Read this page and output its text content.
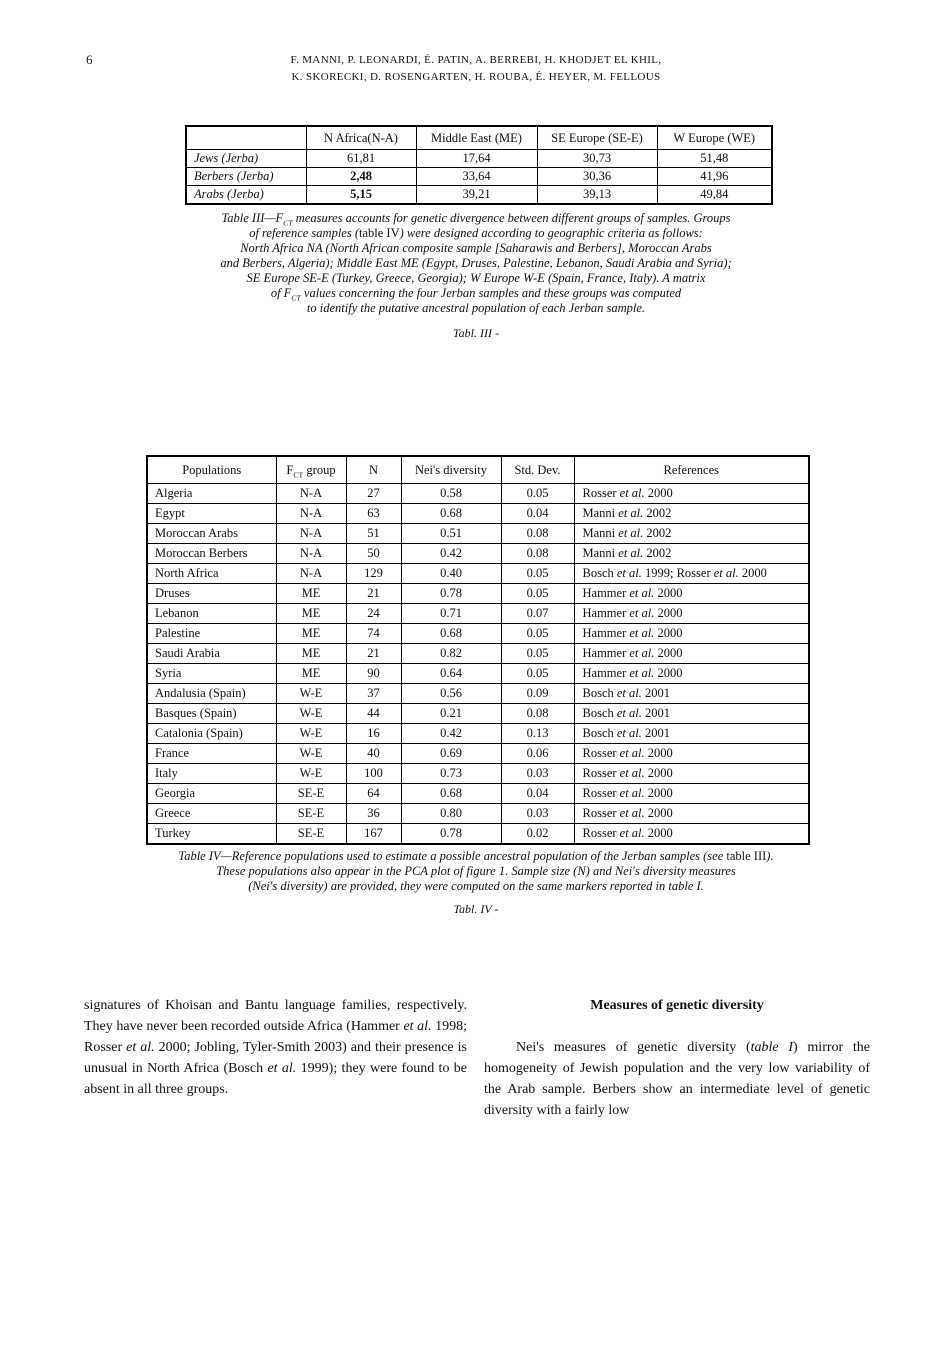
6	F. MANNI, P. LEONARDI, É. PATIN, A. BERREBI, H. KHODJET EL KHIL,
K. SKORECKI, D. ROSENGARTEN, H. ROUBA, É. HEYER, M. FELLOUS
	N Africa(N-A)	Middle East (ME)	SE Europe (SE-E)	W Europe (WE)
Jews (Jerba)	61,81	17,64	30,73	51,48
Berbers (Jerba)	2,48	33,64	30,36	41,96
Arabs (Jerba)	5,15	39,21	39,13	49,84
Table $III—F_{CT}$ measures accounts for genetic divergence between different groups of samples. Groups
of reference samples (table IV) were designed according to geographic criteria as follows:
North Africa NA (North African composite sample [Saharawis and Berbers], Moroccan Arabs
and Berbers, Algeria); Middle East ME (Egypt, Druses, Palestine, Lebanon, Saudi Arabia and Syria);
SE Europe SE-E (Turkey, Greece, Georgia); W Europe W-E (Spain, France, Italy). A matrix
of $F_{CT}$ values concerning the four Jerban samples and these groups was computed
to identify the putative ancestral population of each Jerban sample.
Tabl. III -
Populations	$F_{CT}$ group	N	Nei's diversity	Std. Dev.	References
Algeria	N-A	27	0.58	0.05	Rosser et al. 2000
Egypt	N-A	63	0.68	0.04	Manni et al. 2002
Moroccan Arabs	N-A	51	0.51	0.08	Manni et al. 2002
Moroccan Berbers	N-A	50	0.42	0.08	Manni et al. 2002
North Africa	N-A	129	0.40	0.05	Bosch et al. 1999; Rosser et al. 2000
Druses	ME	21	0.78	0.05	Hammer et al. 2000
Lebanon	ME	24	0.71	0.07	Hammer et al. 2000
Palestine	ME	74	0.68	0.05	Hammer et al. 2000
Saudi Arabia	ME	21	0.82	0.05	Hammer et al. 2000
Syria	ME	90	0.64	0.05	Hammer et al. 2000
Andalusia (Spain)	W-E	37	0.56	0.09	Bosch et al. 2001
Basques (Spain)	W-E	44	0.21	0.08	Bosch et al. 2001
Catalonia (Spain)	W-E	16	0.42	0.13	Bosch et al. 2001
France	W-E	40	0.69	0.06	Rosser et al. 2000
Italy	W-E	100	0.73	0.03	Rosser et al. 2000
Georgia	SE-E	64	0.68	0.04	Rosser et al. 2000
Greece	SE-E	36	0.80	0.03	Rosser et al. 2000
Turkey	SE-E	167	0.78	0.02	Rosser et al. 2000
Table IV—Reference populations used to estimate a possible ancestral population of the Jerban samples (see table III).
These populations also appear in the PCA plot of figure 1. Sample size (N) and Nei's diversity measures
(Nei's diversity) are provided, they were computed on the same markers reported in table I.
Tabl. IV -

signatures of Khoisan and Bantu language families, respectively. They have never been recorded outside Africa (Hammer et al. 1998; Rosser et al. 2000; Jobling, Tyler-Smith 2003) and their presence is unusual in North Africa (Bosch et al. 1999); they were found to be absent in all three groups.

Measures of genetic diversity

Nei's measures of genetic diversity (table I) mirror the homogeneity of Jewish population and the very low variability of the Arab sample. Berbers show an intermediate level of genetic diversity with a fairly low
